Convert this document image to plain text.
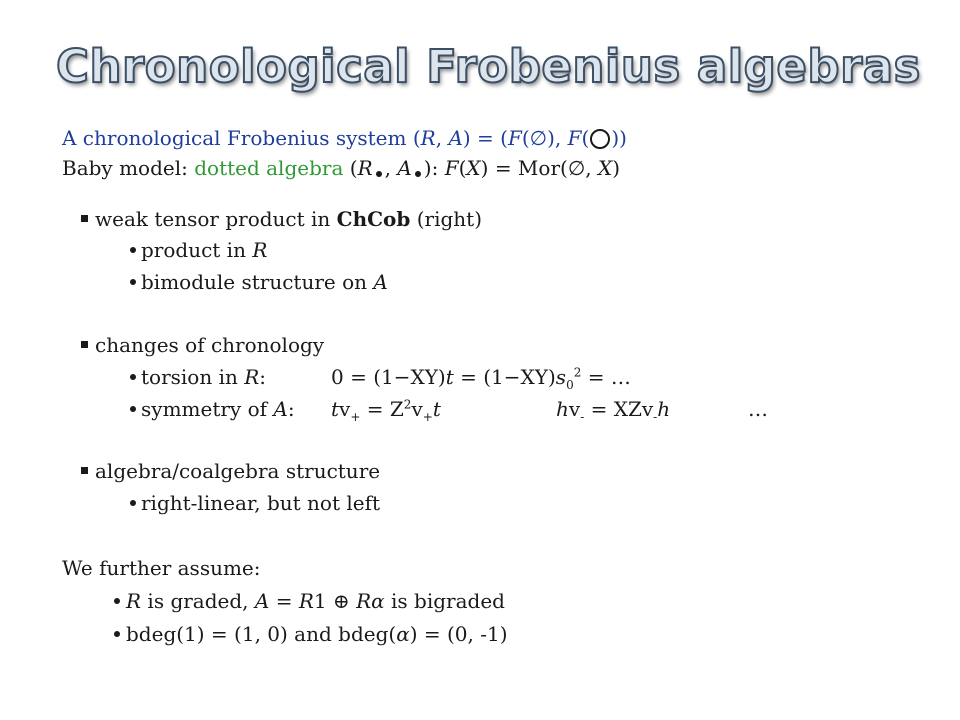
Chronological Frobenius algebras
A chronological Frobenius system (R, A) = (F(∅), F( ))
Baby model: dotted algebra (R , A ): F(X) = Mor(∅, X)
weak tensor product in ChCob (right)
product in R
bimodule structure on A
changes of chronology
torsion in R:	$0 = (1-XY)t = (1-XY)s_0^2$ = …
symmetry of A: $tv_+ = Z^2v_+t$	$hv_- = XZv_-h$	…
algebra/coalgebra structure
right-linear, but not left
We further assume:
R is graded, A = R1 ⊕ Rα is bigraded
bdeg(1) = (1, 0) and bdeg(α) = (0, -1)
